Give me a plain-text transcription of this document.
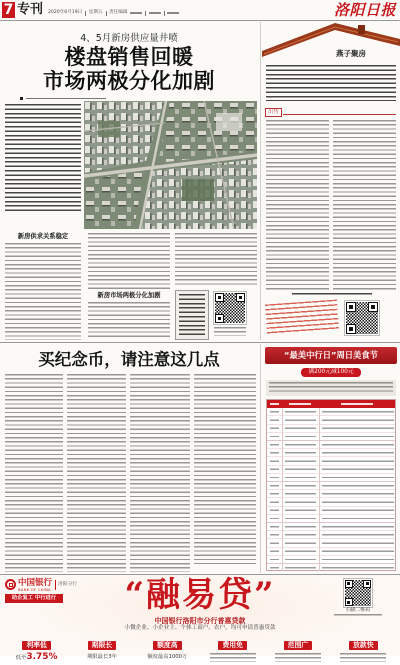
7 专刊 2020年6月19日 星期五 责任编辑	洛阳日报
4、5月新房供应量井喷
楼盘销售回暖
市场两极分化加剧
新房供求关系稳定
新房市场两极分化加剧
燕子聚房
出售
买纪念币，请注意这几点	“最美中行日”周日美食节
满200元减100元
中国银行
BANK OF CHINA
洛阳分行
助企复工 中行进行	“融易贷”	扫描二维码
中国银行洛阳市分行普惠贷款
小微企业、小企业主、个体工商户、农户，均可申请普惠贷款
利率低
低至3.75%
期限长
期限最长3年
额度高
额度最高1000万
费用免	范围广	放款快
